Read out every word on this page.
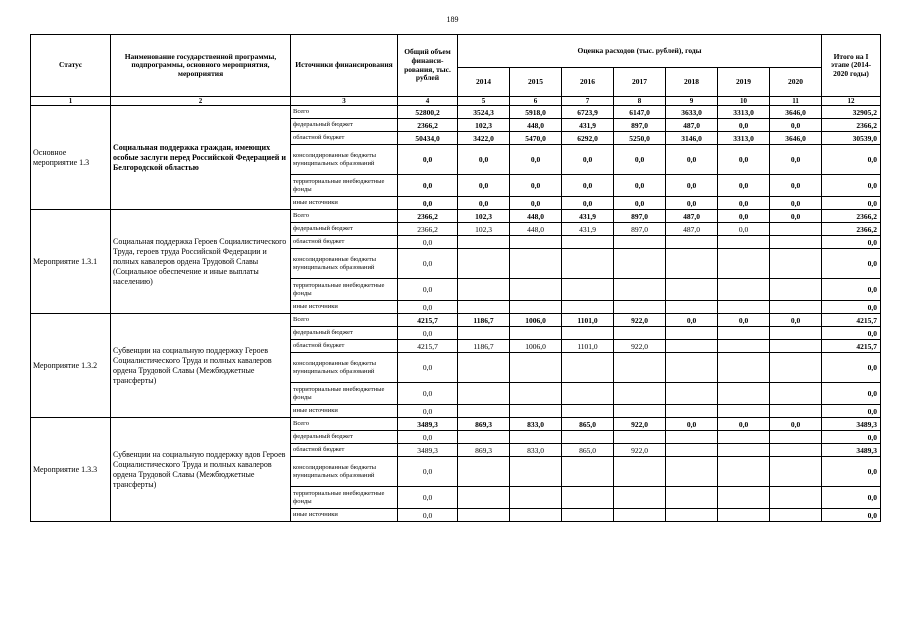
189
Статус	Наименование государственной программы, подпрограммы, основного мероприятия, мероприятия	Источники финансирования	Общий объем финанси-рования, тыс. рублей	Оценка расходов (тыс. рублей), годы							Итого на I этапе (2014-2020 годы)
				2014	2015	2016	2017	2018	2019	2020	
1	2	3	4	5	6	7	8	9	10	11	12
Основное мероприятие 1.3	Социальная поддержка граждан, имеющих особые заслуги перед Российской Федерацией и Белгородской областью	Всего	52800,2	3524,3	5918,0	6723,9	6147,0	3633,0	3313,0	3646,0	32905,2
		федеральный бюджет	2366,2	102,3	448,0	431,9	897,0	487,0	0,0	0,0	2366,2
		областной бюджет	50434,0	3422,0	5470,0	6292,0	5250,0	3146,0	3313,0	3646,0	30539,0
		консолидированные бюджеты муниципальных образований	0,0	0,0	0,0	0,0	0,0	0,0	0,0	0,0	0,0
		территориальные внебюджетные фонды	0,0	0,0	0,0	0,0	0,0	0,0	0,0	0,0	0,0
		иные источники	0,0	0,0	0,0	0,0	0,0	0,0	0,0	0,0	0,0
Мероприятие 1.3.1	Социальная поддержка Героев Социалистического Труда, героев труда Российской Федерации и полных кавалеров ордена Трудовой Славы (Социальное обеспечение и иные выплаты населению)	Всего	2366,2	102,3	448,0	431,9	897,0	487,0	0,0	0,0	2366,2
		федеральный бюджет	2366,2	102,3	448,0	431,9	897,0	487,0	0,0		2366,2
		областной бюджет	0,0								0,0
		консолидированные бюджеты муниципальных образований	0,0								0,0
		территориальные внебюджетные фонды	0,0								0,0
		иные источники	0,0								0,0
Мероприятие 1.3.2	Субвенции на социальную поддержку Героев Социалистического Труда и полных кавалеров ордена Трудовой Славы (Межбюджетные трансферты)	Всего	4215,7	1186,7	1006,0	1101,0	922,0	0,0	0,0	0,0	4215,7
		федеральный бюджет	0,0								0,0
		областной бюджет	4215,7	1186,7	1006,0	1101,0	922,0				4215,7
		консолидированные бюджеты муниципальных образований	0,0								0,0
		территориальные внебюджетные фонды	0,0								0,0
		иные источники	0,0								0,0
Мероприятие 1.3.3	Субвенции на социальную поддержку вдов Героев Социалистического Труда и полных кавалеров ордена Трудовой Славы (Межбюджетные трансферты)	Всего	3489,3	869,3	833,0	865,0	922,0	0,0	0,0	0,0	3489,3
		федеральный бюджет	0,0								0,0
		областной бюджет	3489,3	869,3	833,0	865,0	922,0				3489,3
		консолидированные бюджеты муниципальных образований	0,0								0,0
		территориальные внебюджетные фонды	0,0								0,0
		иные источники	0,0								0,0
